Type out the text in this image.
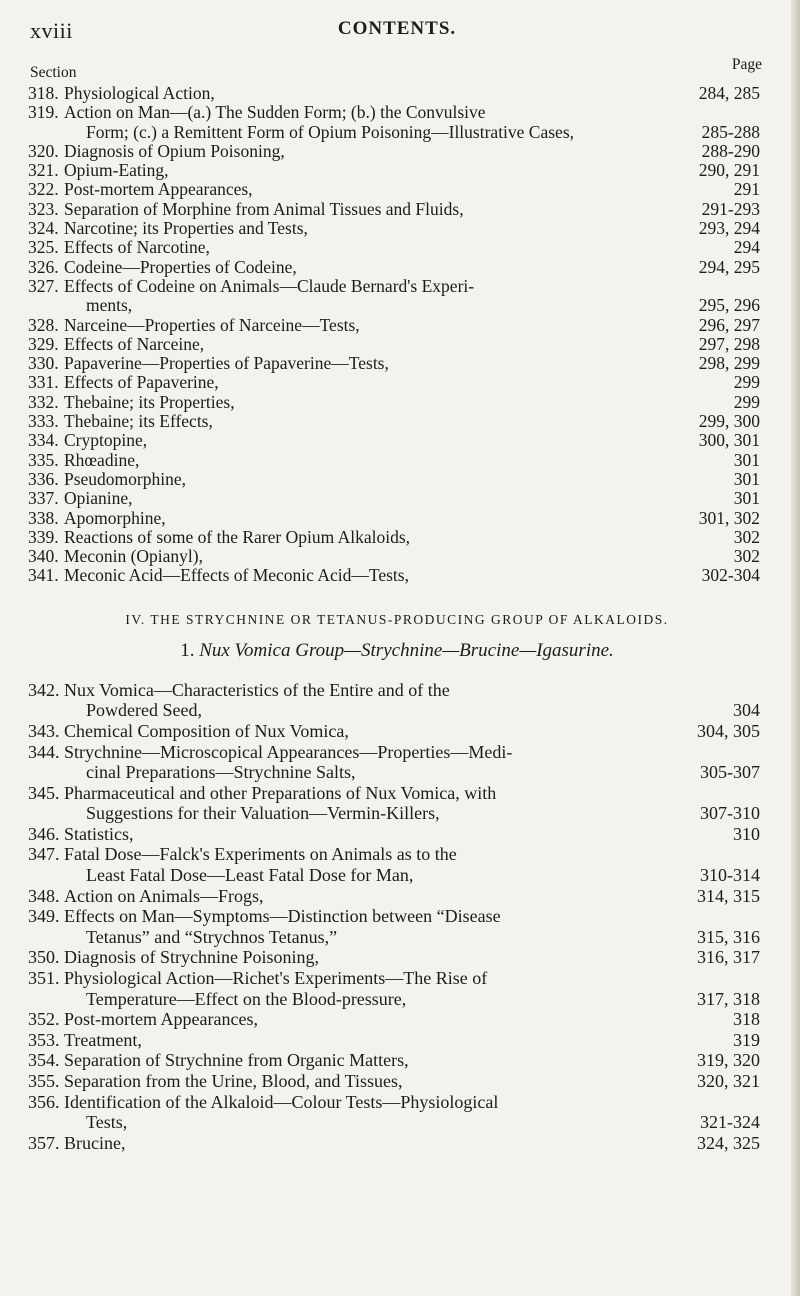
xviii	CONTENTS.
Section	Page
318. Physiological Action,	284, 285
319. Action on Man—(a.) The Sudden Form; (b.) the Convulsive
Form; (c.) a Remittent Form of Opium Poisoning—Illustrative Cases,	285-288
320. Diagnosis of Opium Poisoning,	288-290
321. Opium-Eating,	290, 291
322. Post-mortem Appearances,	291
323. Separation of Morphine from Animal Tissues and Fluids,	291-293
324. Narcotine; its Properties and Tests,	293, 294
325. Effects of Narcotine,	294
326. Codeine—Properties of Codeine,	294, 295
327. Effects of Codeine on Animals—Claude Bernard's Experi-
ments,	295, 296
328. Narceine—Properties of Narceine—Tests,	296, 297
329. Effects of Narceine,	297, 298
330. Papaverine—Properties of Papaverine—Tests,	298, 299
331. Effects of Papaverine,	299
332. Thebaine; its Properties,	299
333. Thebaine; its Effects,	299, 300
334. Cryptopine,	300, 301
335. Rhœadine,	301
336. Pseudomorphine,	301
337. Opianine,	301
338. Apomorphine,	301, 302
339. Reactions of some of the Rarer Opium Alkaloids,	302
340. Meconin (Opianyl),	302
341. Meconic Acid—Effects of Meconic Acid—Tests,	302-304
IV. THE STRYCHNINE OR TETANUS-PRODUCING GROUP OF ALKALOIDS.
1. Nux Vomica Group—Strychnine—Brucine—Igasurine.
342. Nux Vomica—Characteristics of the Entire and of the
Powdered Seed,	304
343. Chemical Composition of Nux Vomica,	304, 305
344. Strychnine—Microscopical Appearances—Properties—Medi-
cinal Preparations—Strychnine Salts,	305-307
345. Pharmaceutical and other Preparations of Nux Vomica, with
Suggestions for their Valuation—Vermin-Killers,	307-310
346. Statistics,	310
347. Fatal Dose—Falck's Experiments on Animals as to the
Least Fatal Dose—Least Fatal Dose for Man,	310-314
348. Action on Animals—Frogs,	314, 315
349. Effects on Man—Symptoms—Distinction between “Disease
Tetanus” and “Strychnos Tetanus,”	315, 316
350. Diagnosis of Strychnine Poisoning,	316, 317
351. Physiological Action—Richet's Experiments—The Rise of
Temperature—Effect on the Blood-pressure,	317, 318
352. Post-mortem Appearances,	318
353. Treatment,	319
354. Separation of Strychnine from Organic Matters,	319, 320
355. Separation from the Urine, Blood, and Tissues,	320, 321
356. Identification of the Alkaloid—Colour Tests—Physiological
Tests,	321-324
357. Brucine,	324, 325
